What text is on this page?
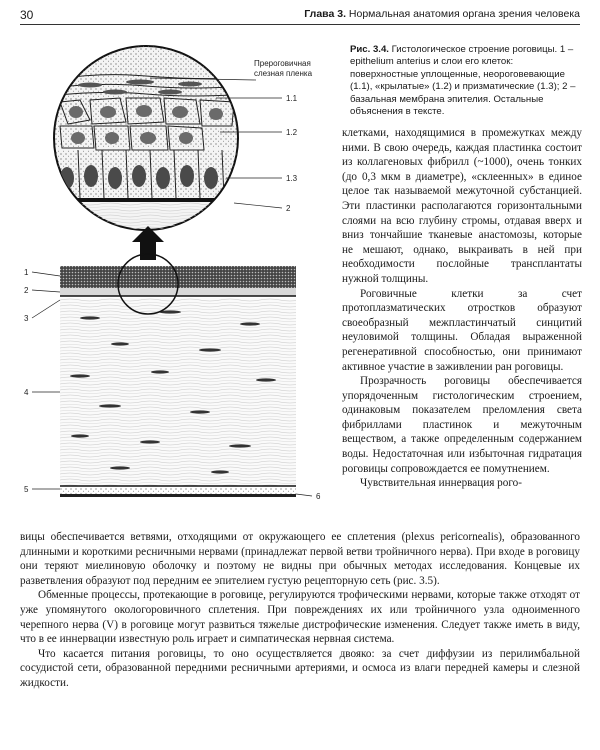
30	Глава 3. Нормальная анатомия органа зрения человека
Прероговичная
слезная пленка
1.1
1.2
1.3
2
1
2
3
4
5
6
Рис. 3.4. Гистологическое строение роговицы. 1 – epithelium anterius и слои его клеток: поверхностные уплощенные, неороговевающие (1.1), «крылатые» (1.2) и призматические (1.3); 2 – базальная мембрана эпителия. Остальные объяснения в тексте.

клетками, находящимися в промежутках между ними. В свою очередь, каждая пластинка состоит из коллагеновых фибрилл (~1000), очень тонких (до 0,3 мкм в диаметре), «склеенных» в единое целое так называемой межуточной субстанцией. Эти пластинки располагаются горизонтальными слоями на всю глубину стромы, отдавая вверх и вниз тончайшие тканевые анастомозы, которые не мешают, однако, выкраивать в ней при необходимости послойные трансплантаты нужной толщины.

Роговичные клетки за счет протоплазматических отростков образуют своеобразный межпластинчатый синцитий неуловимой толщины. Обладая выраженной регенеративной способностью, они принимают активное участие в заживлении ран роговицы.

Прозрачность роговицы обеспечивается упорядоченным гистологическим строением, одинаковым показателем преломления света фибриллами пластинок и межуточным веществом, а также определенным содержанием воды. Недостаточная или избыточная гидратация роговицы сопровождается ее помутнением.

Чувствительная иннервация рого-

вицы обеспечивается ветвями, отходящими от окружающего ее сплетения (plexus pericornealis), образованного длинными и короткими ресничными нервами (принадлежат первой ветви тройничного нерва). При входе в роговицу они теряют миелиновую оболочку и поэтому не видны при обычных методах исследования. Концевые их разветвления образуют под передним ее эпителием густую рецепторную сеть (рис. 3.5).

Обменные процессы, протекающие в роговице, регулируются трофическими нервами, которые также отходят от уже упомянутого окологоровичного сплетения. При повреждениях их или тройничного узла одноименного черепного нерва (V) в роговице могут развиться тяжелые дистрофические изменения. Следует также иметь в виду, что в ее иннервации известную роль играет и симпатическая нервная система.

Что касается питания роговицы, то оно осуществляется двояко: за счет диффузии из перилимбальной сосудистой сети, образованной передними ресничными артериями, и осмоса из влаги передней камеры и слезной жидкости.
